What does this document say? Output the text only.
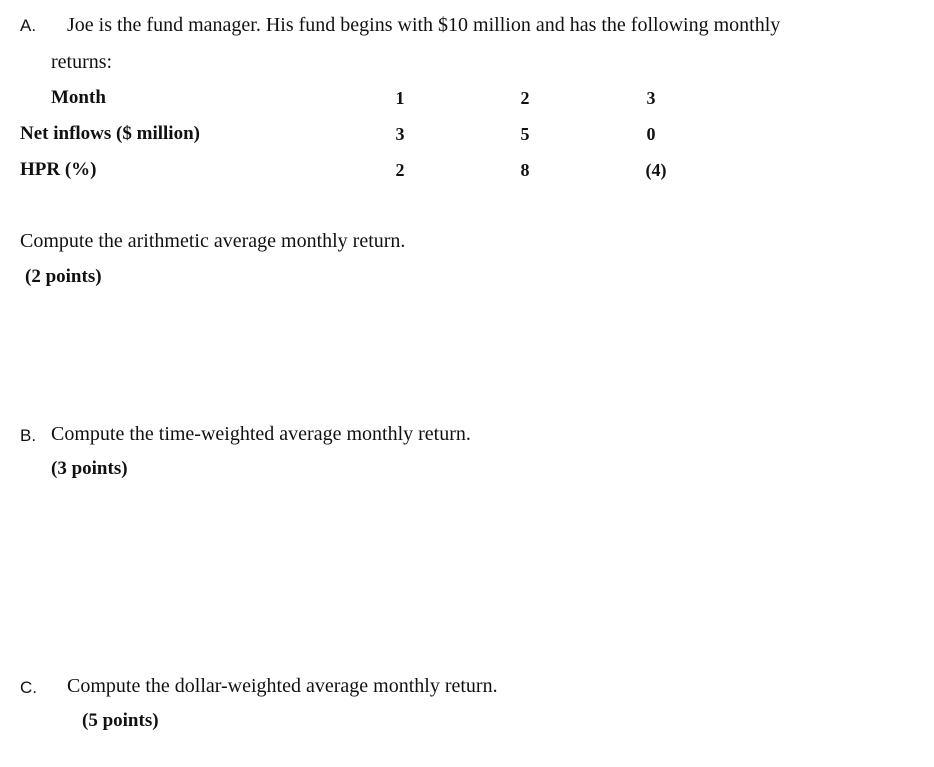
A. Joe is the fund manager. His fund begins with $10 million and has the following monthly
returns:
Month	1	2	3
Net inflows ($ million)	3	5	0
HPR (%)	2	8	(4)
Compute the arithmetic average monthly return.
(2 points)
B. Compute the time-weighted average monthly return.
(3 points)
C. Compute the dollar-weighted average monthly return.
(5 points)
